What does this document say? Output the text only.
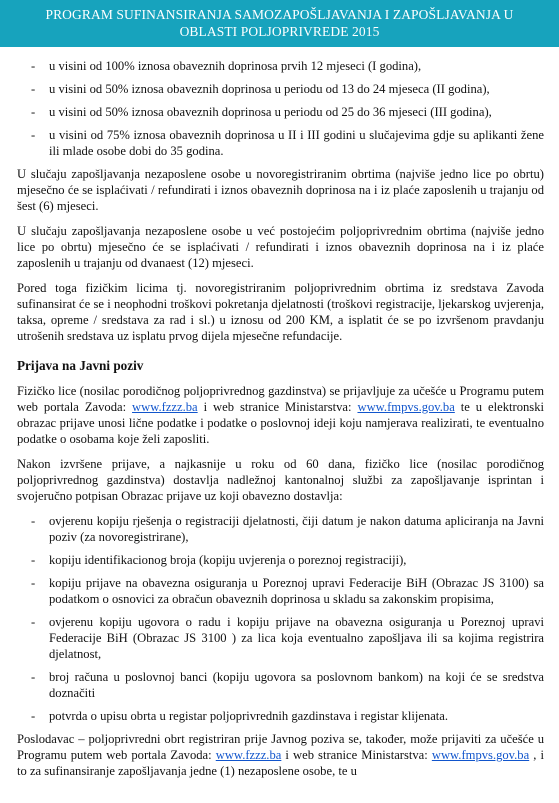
PROGRAM SUFINANSIRANJA SAMOZAPOŠLJAVANJA I ZAPOŠLJAVANJA U
OBLASTI POLJOPRIVREDE 2015
- u visini od 100% iznosa obaveznih doprinosa prvih 12 mjeseci (I godina),
- u visini od 50% iznosa obaveznih doprinosa u periodu od 13 do 24 mjeseca (II godina),
- u visini od 50% iznosa obaveznih doprinosa u periodu od 25 do 36 mjeseci (III godina),
- u visini od 75% iznosa obaveznih doprinosa u II i III godini u slučajevima gdje su aplikanti žene ili mlade osobe dobi do 35 godina.

U slučaju zapošljavanja nezaposlene osobe u novoregistriranim obrtima (najviše jedno lice po obrtu) mjesečno će se isplaćivati / refundirati i iznos obaveznih doprinosa na i iz plaće zaposlenih u trajanju od šest (6) mjeseci.

U slučaju zapošljavanja nezaposlene osobe u već postojećim poljoprivrednim obrtima (najviše jedno lice po obrtu) mjesečno će se isplaćivati / refundirati i iznos obaveznih doprinosa na i iz plaće zaposlenih u trajanju od dvanaest (12) mjeseci.

Pored toga fizičkim licima tj. novoregistriranim poljoprivrednim obrtima iz sredstava Zavoda sufinansirat će se i neophodni troškovi pokretanja djelatnosti (troškovi registracije, ljekarskog uvjerenja, taksa, opreme / sredstava za rad i sl.) u iznosu od 200 KM, a isplatit će se po izvršenom pravdanju utrošenih sredstava uz isplatu prvog dijela mjesečne refundacije.

Prijava na Javni poziv

Fizičko lice (nosilac porodičnog poljoprivrednog gazdinstva) se prijavljuje za učešće u Programu putem web portala Zavoda: www.fzzz.ba i web stranice Ministarstva: www.fmpvs.gov.ba te u elektronski obrazac prijave unosi lične podatke i podatke o poslovnoj ideji koju namjerava realizirati, te eventualno podatke o osobama koje želi zaposliti.

Nakon izvršene prijave, a najkasnije u roku od 60 dana, fizičko lice (nosilac porodičnog poljoprivrednog gazdinstva) dostavlja nadležnoj kantonalnoj službi za zapošljavanje isprintan i svojeručno potpisan Obrazac prijave uz koji obavezno dostavlja:

- ovjerenu kopiju rješenja o registraciji djelatnosti, čiji datum je nakon datuma apliciranja na Javni poziv (za novoregistrirane),
- kopiju identifikacionog broja (kopiju uvjerenja o poreznoj registraciji),
- kopiju prijave na obavezna osiguranja u Poreznoj upravi Federacije BiH (Obrazac JS 3100) sa podatkom o osnovici za obračun obaveznih doprinosa u skladu sa zakonskim propisima,
- ovjerenu kopiju ugovora o radu i kopiju prijave na obavezna osiguranja u Poreznoj upravi Federacije BiH (Obrazac JS 3100 ) za lica koja eventualno zapošljava ili sa kojima registrira djelatnost,
- broj računa u poslovnoj banci (kopiju ugovora sa poslovnom bankom) na koji će se sredstva doznačiti
- potvrda o upisu obrta u registar poljoprivrednih gazdinstava i registar klijenata.

Poslodavac – poljoprivredni obrt registriran prije Javnog poziva se, također, može prijaviti za učešće u Programu putem web portala Zavoda: www.fzzz.ba i web stranice Ministarstva: www.fmpvs.gov.ba , i to za sufinansiranje zapošljavanja jedne (1) nezaposlene osobe, te u
